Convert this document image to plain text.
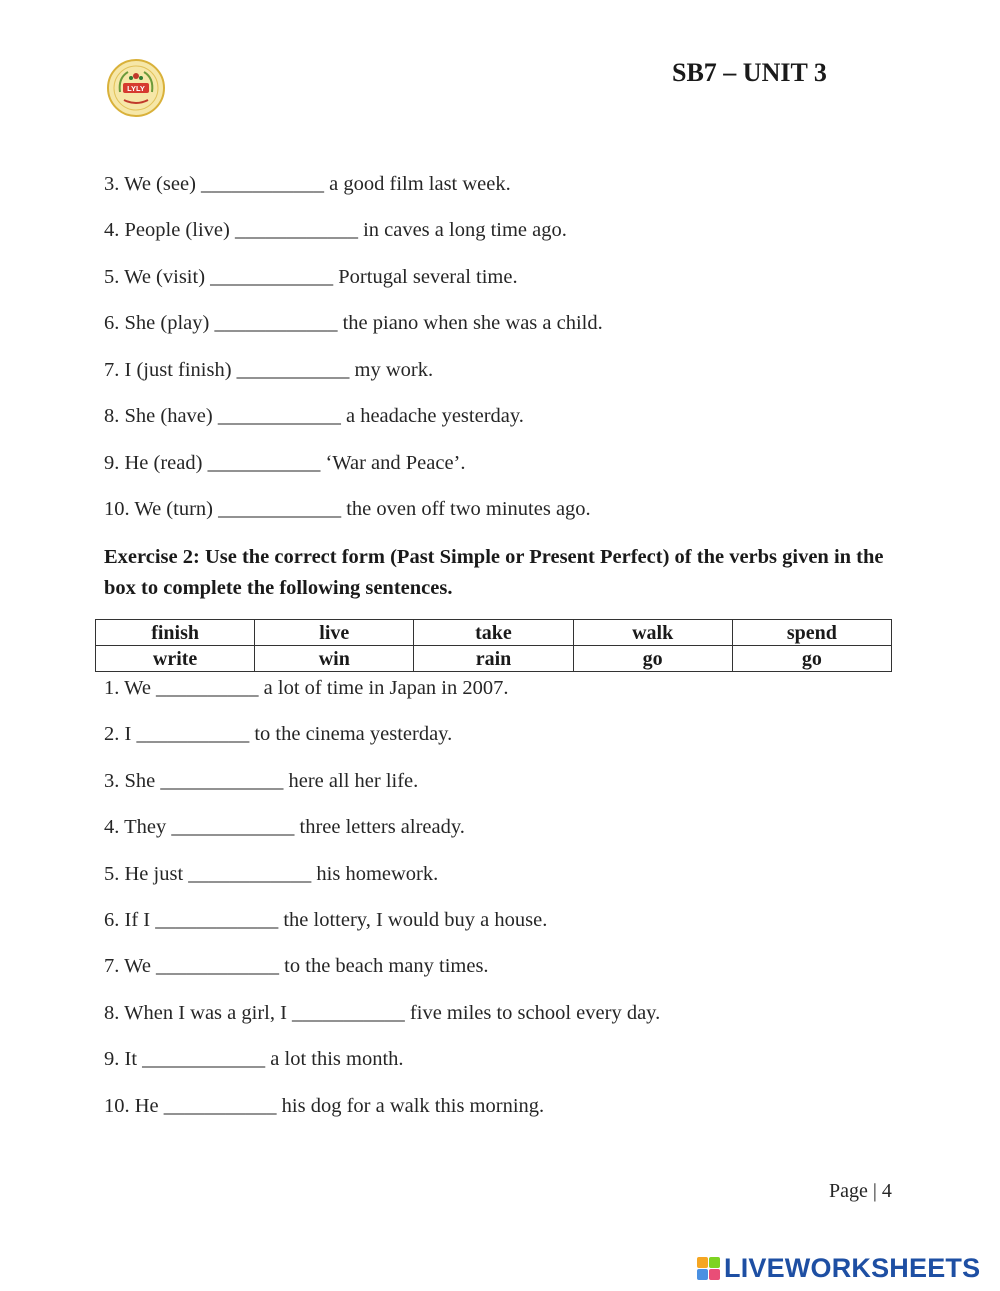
LYLY
SB7 – UNIT 3
3. We (see) ____________ a good film last week.
4. People (live) ____________ in caves a long time ago.
5. We (visit) ____________ Portugal several time.
6. She (play) ____________ the piano when she was a child.
7. I (just finish) ___________ my work.
8. She (have) ____________ a headache yesterday.
9. He (read) ___________ ‘War and Peace’.
10. We (turn) ____________ the oven off two minutes ago.
Exercise 2: Use the correct form (Past Simple or Present Perfect) of the verbs given in the box to complete the following sentences.
finish	live	take	walk	spend
write	win	rain	go	go
1. We __________ a lot of time in Japan in 2007.
2. I ___________ to the cinema yesterday.
3. She ____________ here all her life.
4. They ____________ three letters already.
5. He just ____________ his homework.
6. If I ____________ the lottery, I would buy a house.
7. We ____________ to the beach many times.
8. When I was a girl, I ___________ five miles to school every day.
9. It ____________ a lot this month.
10. He ___________ his dog for a walk this morning.
Page | 4
LIVEWORKSHEETS
